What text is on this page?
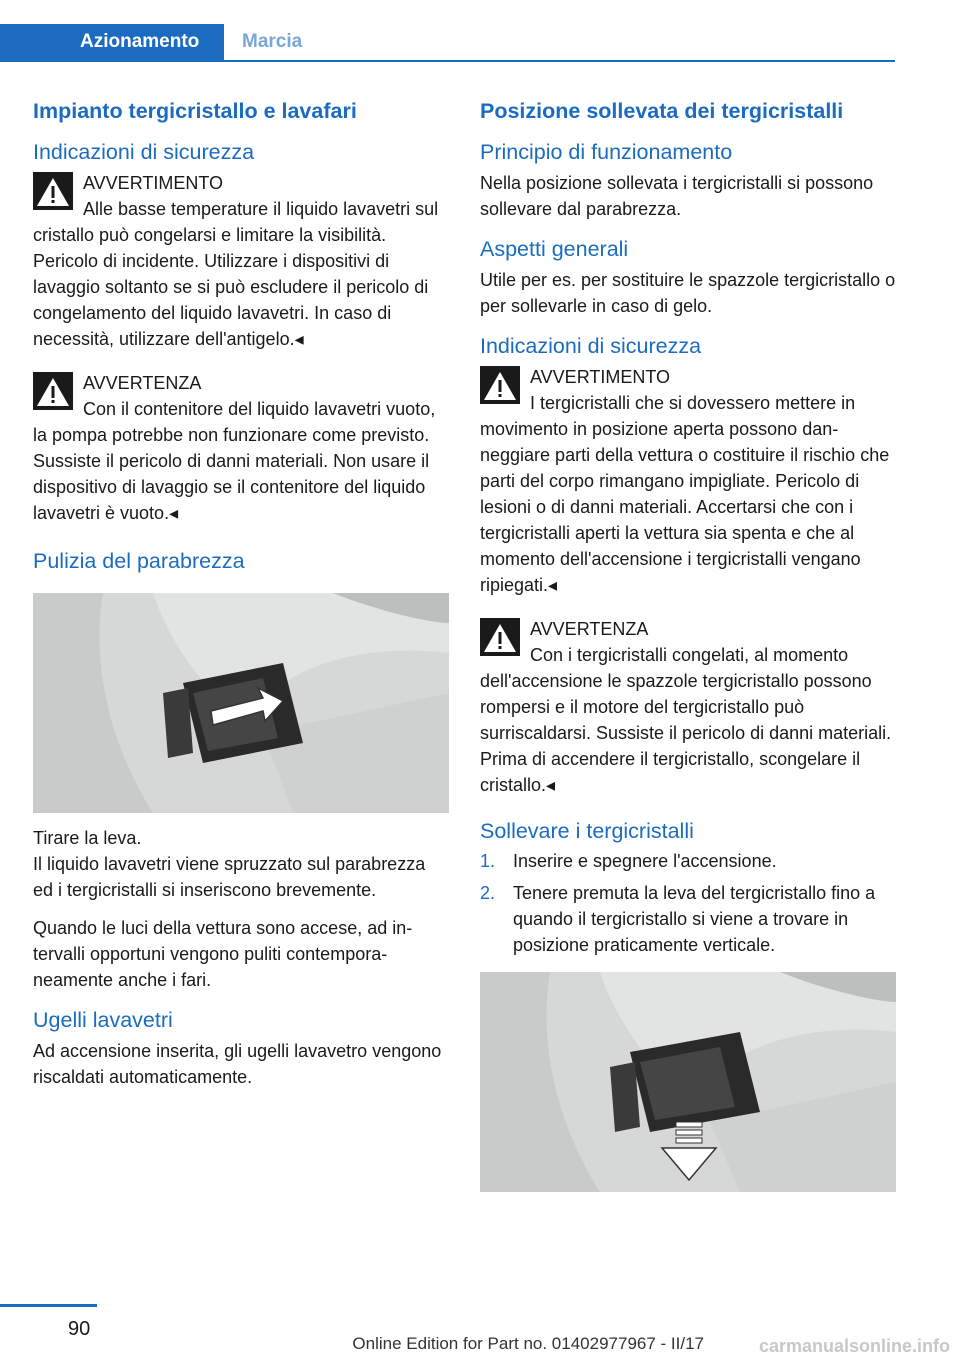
Azionamento	Marcia
Impianto tergicristallo e lavafari
Indicazioni di sicurezza
AVVERTIMENTO
Alle basse temperature il liquido lavavetri sul cristallo può congelarsi e limitare la visibilità. Pericolo di incidente. Utilizzare i dispositivi di lavaggio soltanto se si può escludere il pericolo di congelamento del liquido lavavetri. In caso di necessità, utilizzare dell'antigelo.◂
AVVERTENZA
Con il contenitore del liquido lavavetri vuoto, la pompa potrebbe non funzionare come previsto. Sussiste il pericolo di danni materiali. Non usare il dispositivo di lavaggio se il contenitore del liquido lavavetri è vuoto.◂
Pulizia del parabrezza

Tirare la leva.

Il liquido lavavetri viene spruzzato sul parabrezza ed i tergicristalli si inseriscono brevemente.

Quando le luci della vettura sono accese, ad intervalli opportuni vengono puliti contemporaneamente anche i fari.

Ugelli lavavetri

Ad accensione inserita, gli ugelli lavavetro vengono riscaldati automaticamente.

Posizione sollevata dei tergicristalli
Principio di funzionamento

Nella posizione sollevata i tergicristalli si possono sollevare dal parabrezza.

Aspetti generali

Utile per es. per sostituire le spazzole tergicristallo o per sollevarle in caso di gelo.

Indicazioni di sicurezza
AVVERTIMENTO
I tergicristalli che si dovessero mettere in movimento in posizione aperta possono danneggiare parti della vettura o costituire il rischio che parti del corpo rimangano impigliate. Pericolo di lesioni o di danni materiali. Accertarsi che con i tergicristalli aperti la vettura sia spenta e che al momento dell'accensione i tergicristalli vengano ripiegati.◂
AVVERTENZA
Con i tergicristalli congelati, al momento dell'accensione le spazzole tergicristallo possono rompersi e il motore del tergicristallo può surriscaldarsi. Sussiste il pericolo di danni materiali. Prima di accendere il tergicristallo, scongelare il cristallo.◂
Sollevare i tergicristalli
1. Inserire e spegnere l'accensione.
2. Tenere premuta la leva del tergicristallo fino a quando il tergicristallo si viene a trovare in posizione praticamente verticale.
90
Online Edition for Part no. 01402977967 - II/17	carmanualsonline.info
